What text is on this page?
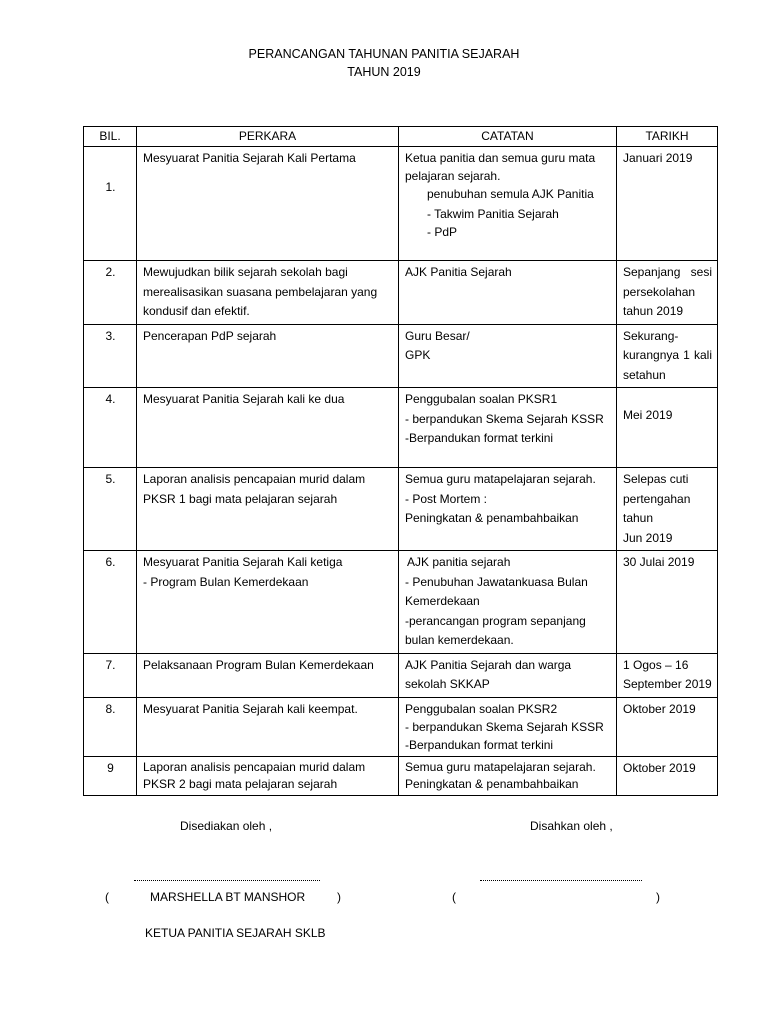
PERANCANGAN TAHUNAN PANITIA SEJARAH
TAHUN 2019
BIL.	PERKARA	CATATAN	TARIKH
1.	Mesyuarat Panitia Sejarah Kali Pertama	Ketua panitia dan semua guru mata pelajaran sejarah.
penubuhan semula AJK Panitia
- Takwim Panitia Sejarah
- PdP	Januari 2019

2.	Mewujudkan bilik sejarah sekolah bagi merealisasikan suasana pembelajaran yang kondusif dan efektif.	AJK Panitia Sejarah	Sepanjang sesi persekolahan tahun 2019

3.	Pencerapan PdP sejarah	Guru Besar/
GPK	Sekurang-kurangnya 1 kali setahun

4.	Mesyuarat Panitia Sejarah kali ke dua	Penggubalan soalan PKSR1
- berpandukan Skema Sejarah KSSR
-Berpandukan format terkini	Mei 2019

5.	Laporan analisis pencapaian murid dalam PKSR 1 bagi mata pelajaran sejarah	Semua guru matapelajaran sejarah.
- Post Mortem :
Peningkatan & penambahbaikan	Selepas cuti pertengahan tahun
Jun 2019

6.	Mesyuarat Panitia Sejarah Kali ketiga
- Program Bulan Kemerdekaan	AJK panitia sejarah
- Penubuhan Jawatankuasa Bulan Kemerdekaan
-perancangan program sepanjang bulan kemerdekaan.	30 Julai 2019

7.	Pelaksanaan Program Bulan Kemerdekaan	AJK Panitia Sejarah dan warga sekolah SKKAP	1 Ogos – 16 September 2019

8.	Mesyuarat Panitia Sejarah kali keempat.	Penggubalan soalan PKSR2
- berpandukan Skema Sejarah KSSR
-Berpandukan format terkini	Oktober 2019

9	Laporan analisis pencapaian murid dalam PKSR 2 bagi mata pelajaran sejarah	Semua guru matapelajaran sejarah.
Peningkatan & penambahbaikan	Oktober 2019
Disediakan oleh ,	Disahkan oleh ,
(	MARSHELLA BT MANSHOR	)	(	)
KETUA PANITIA SEJARAH SKLB
